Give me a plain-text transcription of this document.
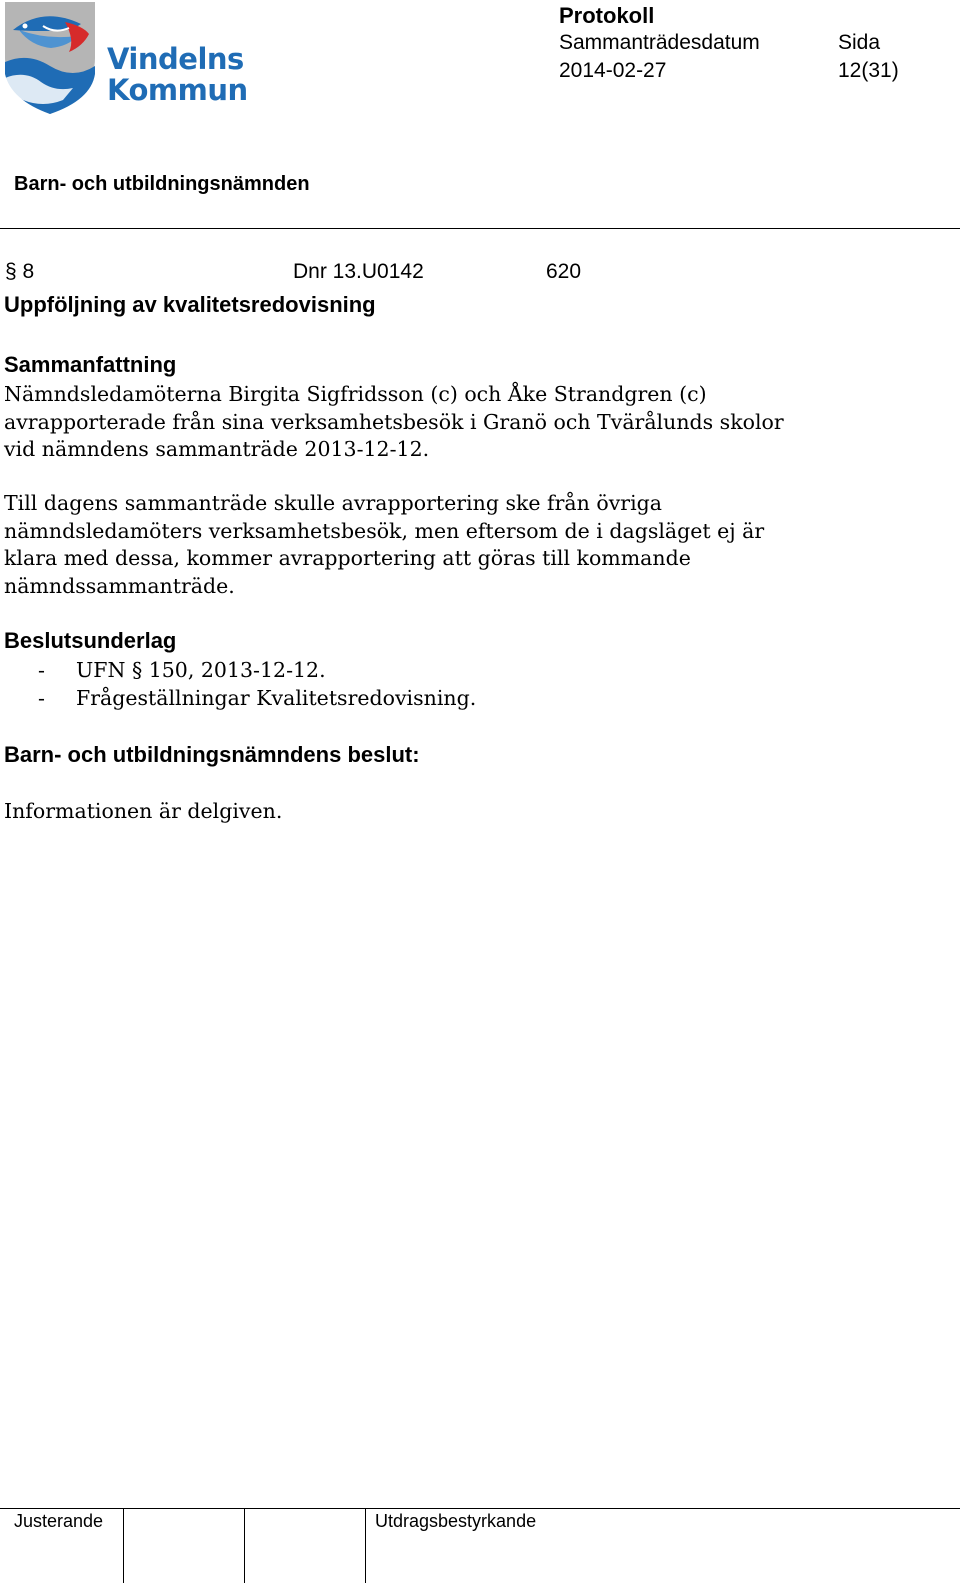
Vindelns
Kommun
Protokoll
Sammanträdesdatum	Sida
2014-02-27	12(31)
Barn- och utbildningsnämnden
§ 8	Dnr 13.U0142	620
Uppföljning av kvalitetsredovisning
Sammanfattning
Nämndsledamöterna Birgita Sigfridsson (c) och Åke Strandgren (c) avrapporterade från sina verksamhetsbesök i Granö och Tvärålunds skolor vid nämndens sammanträde 2013-12-12.
Till dagens sammanträde skulle avrapportering ske från övriga nämndsledamöters verksamhetsbesök, men eftersom de i dagsläget ej är klara med dessa, kommer avrapportering att göras till kommande nämndssammanträde.
Beslutsunderlag
- UFN § 150, 2013-12-12.
- Frågeställningar Kvalitetsredovisning.
Barn- och utbildningsnämndens beslut:
Informationen är delgiven.
Justerande	Utdragsbestyrkande
